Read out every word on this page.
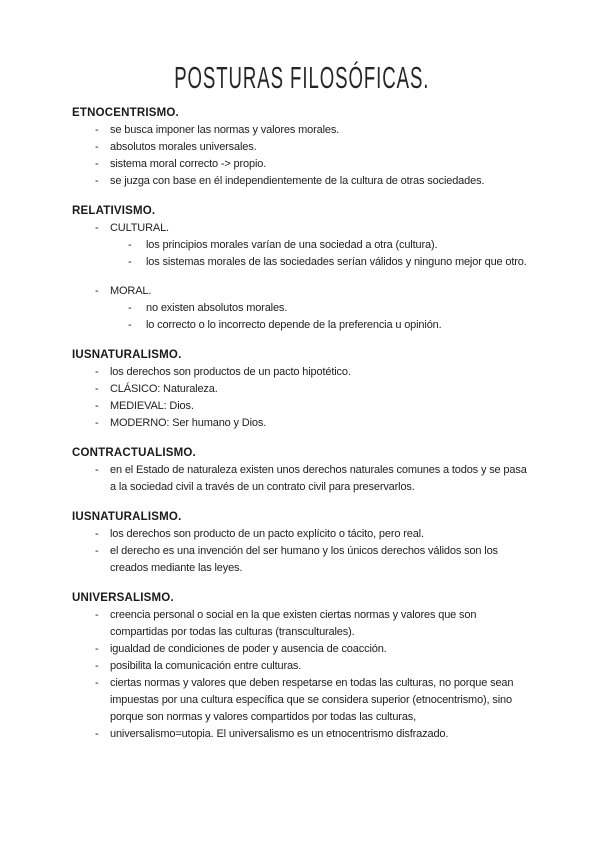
POSTURAS FILOSÓFICAS.
ETNOCENTRISMO.
-	se busca imponer las normas y valores morales.
-	absolutos morales universales.
-	sistema moral correcto -> propio.
-	se juzga con base en él independientemente de la cultura de otras sociedades.
RELATIVISMO.
-	CULTURAL.
-	los principios morales varían de una sociedad a otra (cultura).
-	los sistemas morales de las sociedades serían válidos y ninguno mejor que otro.
-	MORAL.
-	no existen absolutos morales.
-	lo correcto o lo incorrecto depende de la preferencia u opinión.
IUSNATURALISMO.
-	los derechos son productos de un pacto hipotético.
-	CLÁSICO: Naturaleza.
-	MEDIEVAL: Dios.
-	MODERNO: Ser humano y Dios.
CONTRACTUALISMO.
-	en el Estado de naturaleza existen unos derechos naturales comunes a todos y se pasa a la sociedad civil a través de un contrato civil para preservarlos.
IUSNATURALISMO.
-	los derechos son producto de un pacto explícito o tácito, pero real.
-	el derecho es una invención del ser humano y los únicos derechos válidos son los creados mediante las leyes.
UNIVERSALISMO.
-	creencia personal o social en la que existen ciertas normas y valores que son compartidas por todas las culturas (transculturales).
-	igualdad de condiciones de poder y ausencia de coacción.
-	posibilita la comunicación entre culturas.
-	ciertas normas y valores que deben respetarse en todas las culturas, no porque sean impuestas por una cultura específica que se considera superior (etnocentrismo), sino porque son normas y valores compartidos por todas las culturas,
-	universalismo=utopia. El universalismo es un etnocentrismo disfrazado.
